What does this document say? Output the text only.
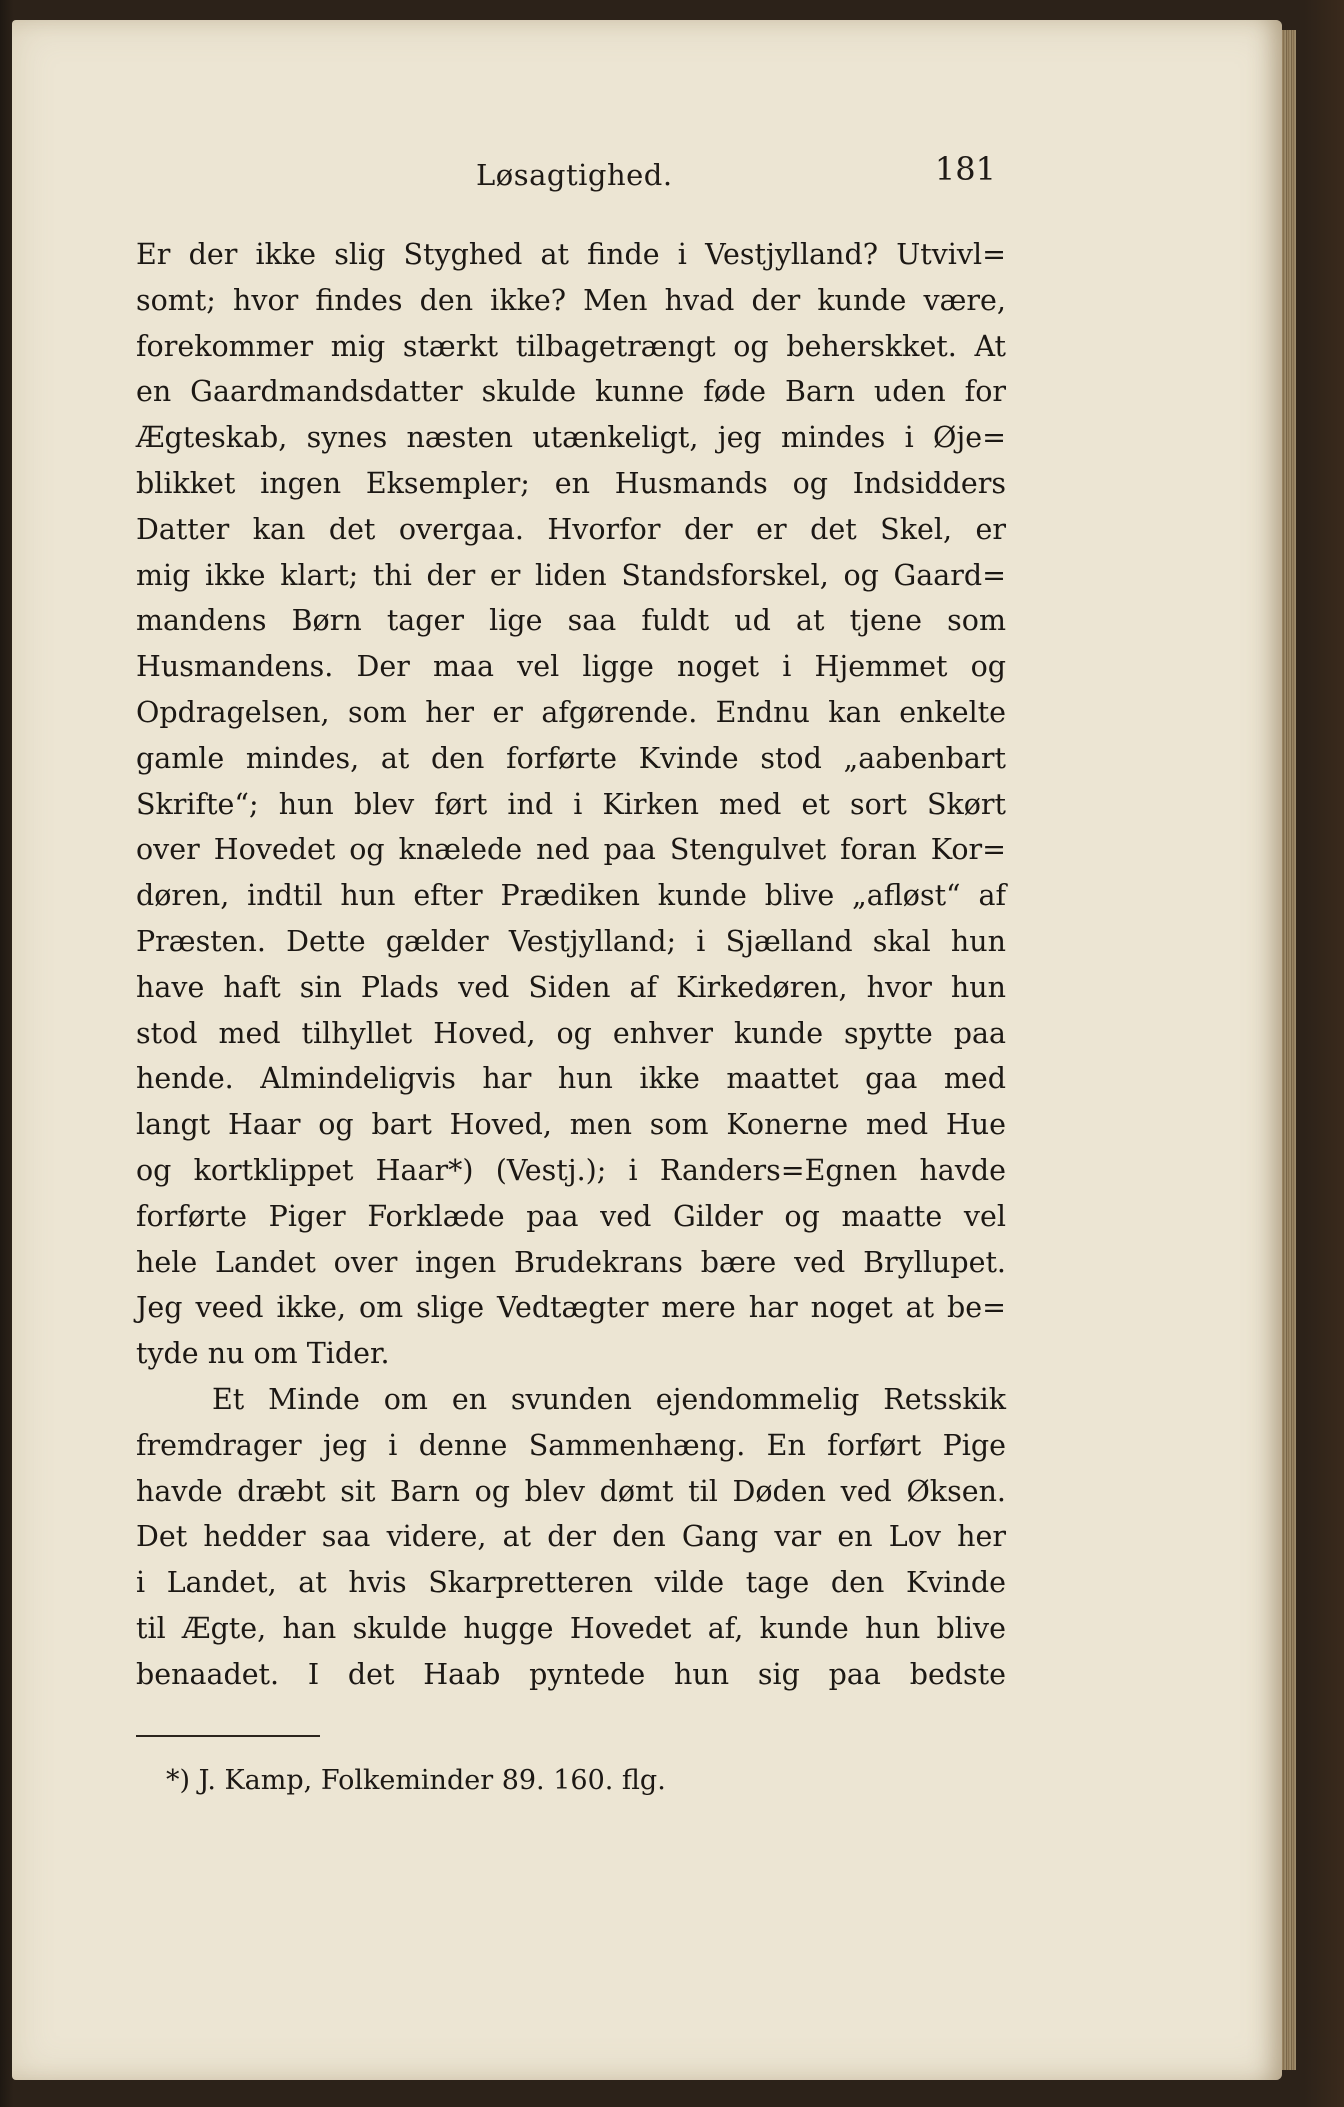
Løsagtighed.	181
Er der ikke slig Styghed at finde i Vestjylland? Utvivl=
somt; hvor findes den ikke? Men hvad der kunde være,
forekommer mig stærkt tilbagetrængt og beherskket. At
en Gaardmandsdatter skulde kunne føde Barn uden for
Ægteskab, synes næsten utænkeligt, jeg mindes i Øje=
blikket ingen Eksempler; en Husmands og Indsidders
Datter kan det overgaa. Hvorfor der er det Skel, er
mig ikke klart; thi der er liden Standsforskel, og Gaard=
mandens Børn tager lige saa fuldt ud at tjene som
Husmandens. Der maa vel ligge noget i Hjemmet og
Opdragelsen, som her er afgørende. Endnu kan enkelte
gamle mindes, at den forførte Kvinde stod „aabenbart
Skrifte“; hun blev ført ind i Kirken med et sort Skørt
over Hovedet og knælede ned paa Stengulvet foran Kor=
døren, indtil hun efter Prædiken kunde blive „afløst“ af
Præsten. Dette gælder Vestjylland; i Sjælland skal hun
have haft sin Plads ved Siden af Kirkedøren, hvor hun
stod med tilhyllet Hoved, og enhver kunde spytte paa
hende. Almindeligvis har hun ikke maattet gaa med
langt Haar og bart Hoved, men som Konerne med Hue
og kortklippet Haar*) (Vestj.); i Randers=Egnen havde
forførte Piger Forklæde paa ved Gilder og maatte vel
hele Landet over ingen Brudekrans bære ved Bryllupet.
Jeg veed ikke, om slige Vedtægter mere har noget at be=
tyde nu om Tider.
Et Minde om en svunden ejendommelig Retsskik
fremdrager jeg i denne Sammenhæng. En forført Pige
havde dræbt sit Barn og blev dømt til Døden ved Øksen.
Det hedder saa videre, at der den Gang var en Lov her
i Landet, at hvis Skarpretteren vilde tage den Kvinde
til Ægte, han skulde hugge Hovedet af, kunde hun blive
benaadet. I det Haab pyntede hun sig paa bedste
*) J. Kamp, Folkeminder 89. 160. flg.
